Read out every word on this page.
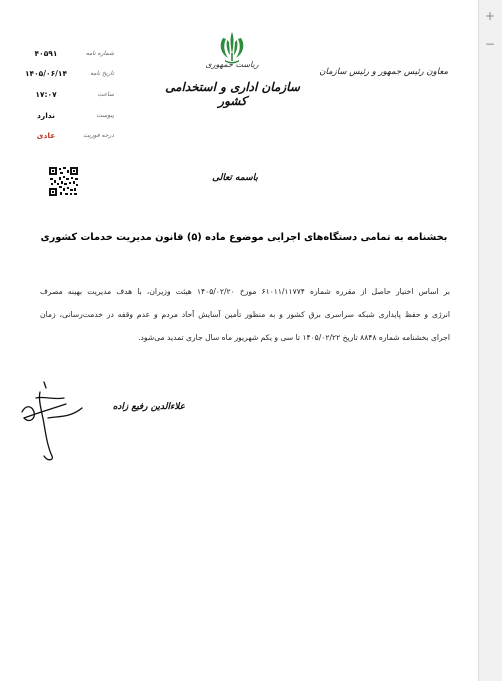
۴۰۵۹۱	شماره نامه
۱۴۰۵/۰۶/۱۴	تاریخ نامه
۱۷:۰۷	ساعت
ندارد	پیوست
عادی	درجه فوریت
ریاست جمهوری
سازمان اداری و استخدامی کشور
معاون رئیس جمهور و رئیس سازمان
باسمه تعالی
بخشنامه به تمامی دستگاه‌های اجرایی موضوع ماده (۵) قانون مدیریت خدمات کشوری
بر اساس اختیار حاصل از مقرره شماره ۶۱۰۱۱/۱۱۷۷۴ مورخ ۱۴۰۵/۰۲/۲۰ هیئت وزیران، با هدف مدیریت بهینه مصرف
انرژی و حفظ پایداری شبکه سراسری برق کشور و به منظور تأمین آسایش آحاد مردم و عدم وقفه در خدمت‌رسانی، زمان
اجرای بخشنامه شماره ۸۸۴۸ تاریخ ۱۴۰۵/۰۲/۲۲ تا سی و یکم شهریور ماه سال جاری تمدید می‌شود.
علاءالدین رفیع زاده
+
−
